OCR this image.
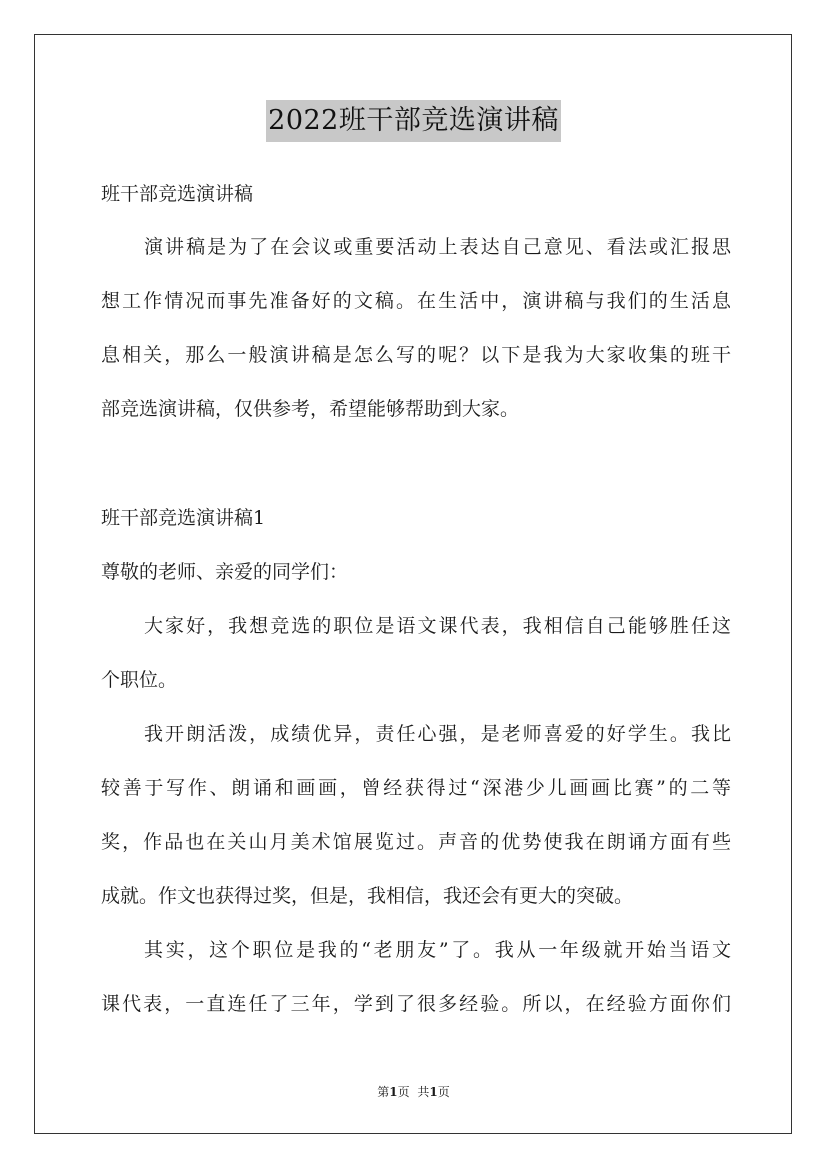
2022班干部竞选演讲稿
班干部竞选演讲稿
演讲稿是为了在会议或重要活动上表达自己意见、看法或汇报思
想工作情况而事先准备好的文稿。在生活中，演讲稿与我们的生活息
息相关，那么一般演讲稿是怎么写的呢？以下是我为大家收集的班干
部竞选演讲稿，仅供参考，希望能够帮助到大家。
班干部竞选演讲稿1
尊敬的老师、亲爱的同学们：
大家好，我想竞选的职位是语文课代表，我相信自己能够胜任这
个职位。
我开朗活泼，成绩优异，责任心强，是老师喜爱的好学生。我比
较善于写作、朗诵和画画，曾经获得过“深港少儿画画比赛”的二等
奖，作品也在关山月美术馆展览过。声音的优势使我在朗诵方面有些
成就。作文也获得过奖，但是，我相信，我还会有更大的突破。
其实，这个职位是我的“老朋友”了。我从一年级就开始当语文
课代表，一直连任了三年，学到了很多经验。所以，在经验方面你们
第1页 共1页
